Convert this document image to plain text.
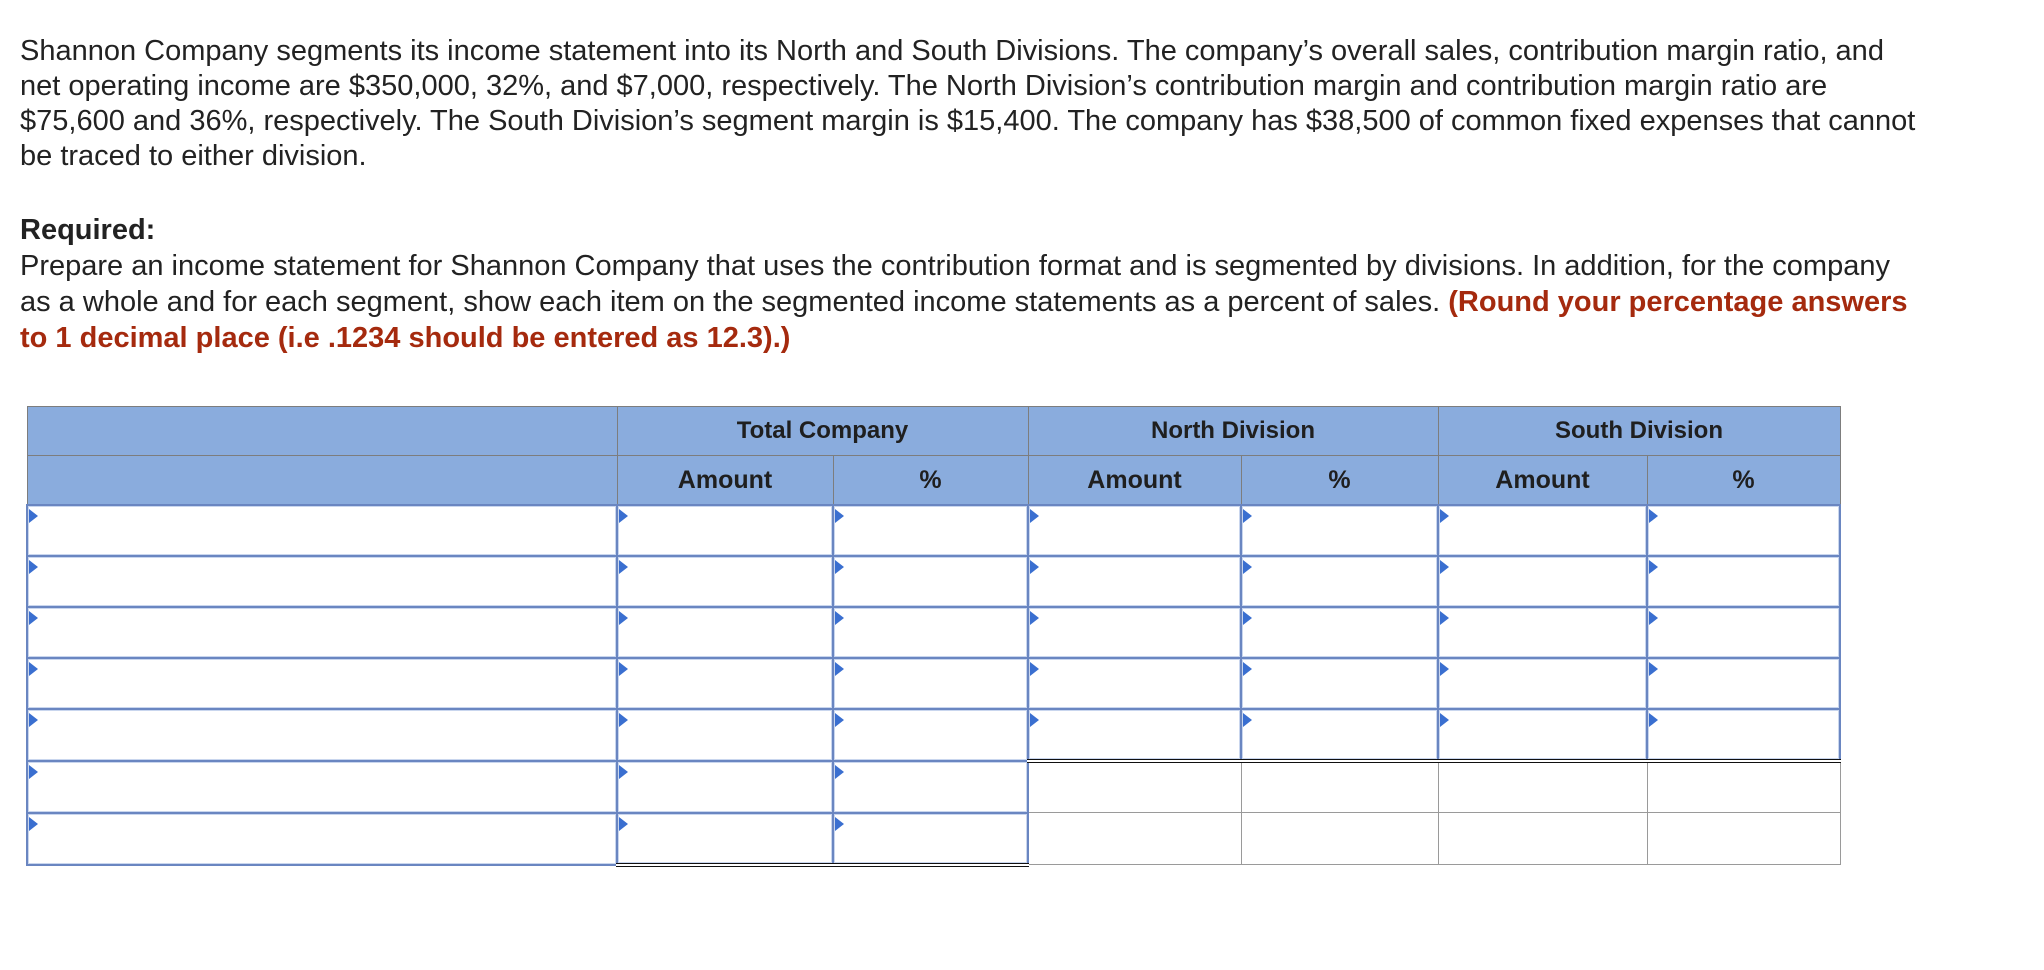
Shannon Company segments its income statement into its North and South Divisions. The company’s overall sales, contribution margin ratio, and net operating income are $350,000, 32%, and $7,000, respectively. The North Division’s contribution margin and contribution margin ratio are $75,600 and 36%, respectively. The South Division’s segment margin is $15,400. The company has $38,500 of common fixed expenses that cannot be traced to either division.

Required:

Prepare an income statement for Shannon Company that uses the contribution format and is segmented by divisions. In addition, for the company as a whole and for each segment, show each item on the segmented income statements as a percent of sales. (Round your percentage answers to 1 decimal place (i.e .1234 should be entered as 12.3).)

	Total Company		North Division		South Division	
	Amount	%	Amount	%	Amount	%
